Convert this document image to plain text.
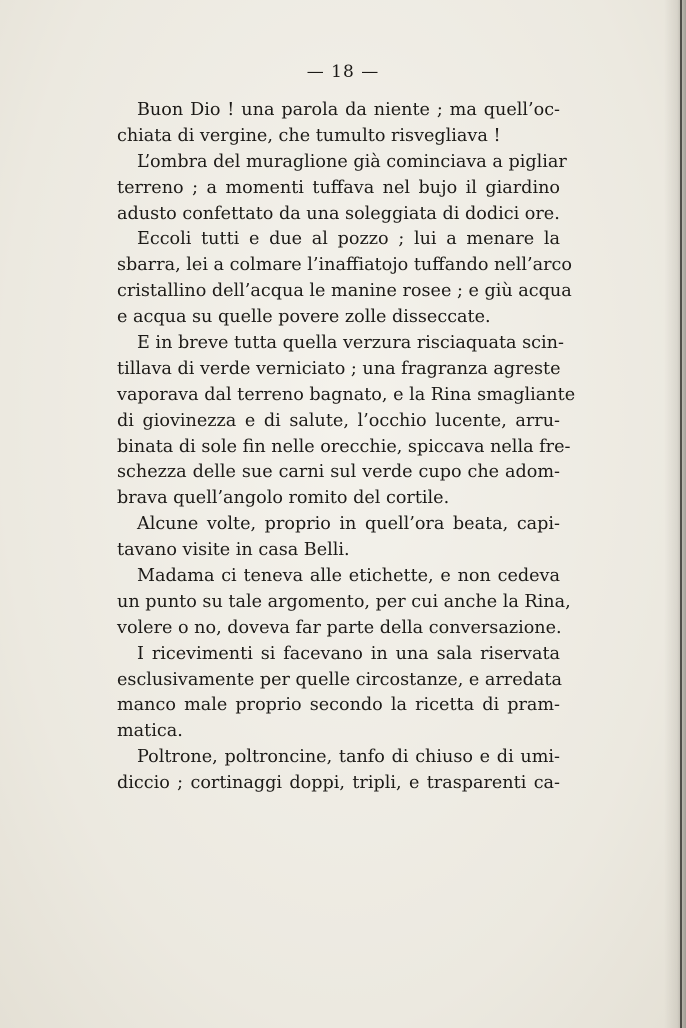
— 18 —

Buon Dio ! una parola da niente ; ma quell’oc-
chiata di vergine, che tumulto risvegliava !

L’ombra del muraglione già cominciava a pigliar
terreno ; a momenti tuffava nel bujo il giardino
adusto confettato da una soleggiata di dodici ore.

Eccoli tutti e due al pozzo ; lui a menare la
sbarra, lei a colmare l’inaffiatojo tuffando nell’arco
cristallino dell’acqua le manine rosee ; e giù acqua
e acqua su quelle povere zolle disseccate.

E in breve tutta quella verzura risciaquata scin-
tillava di verde verniciato ; una fragranza agreste
vaporava dal terreno bagnato, e la Rina smagliante
di giovinezza e di salute, l’occhio lucente, arru-
binata di sole fin nelle orecchie, spiccava nella fre-
schezza delle sue carni sul verde cupo che adom-
brava quell’angolo romito del cortile.

Alcune volte, proprio in quell’ora beata, capi-
tavano visite in casa Belli.

Madama ci teneva alle etichette, e non cedeva
un punto su tale argomento, per cui anche la Rina,
volere o no, doveva far parte della conversazione.

I ricevimenti si facevano in una sala riservata
esclusivamente per quelle circostanze, e arredata
manco male proprio secondo la ricetta di pram-
matica.

Poltrone, poltroncine, tanfo di chiuso e di umi-
diccio ; cortinaggi doppi, tripli, e trasparenti ca-
